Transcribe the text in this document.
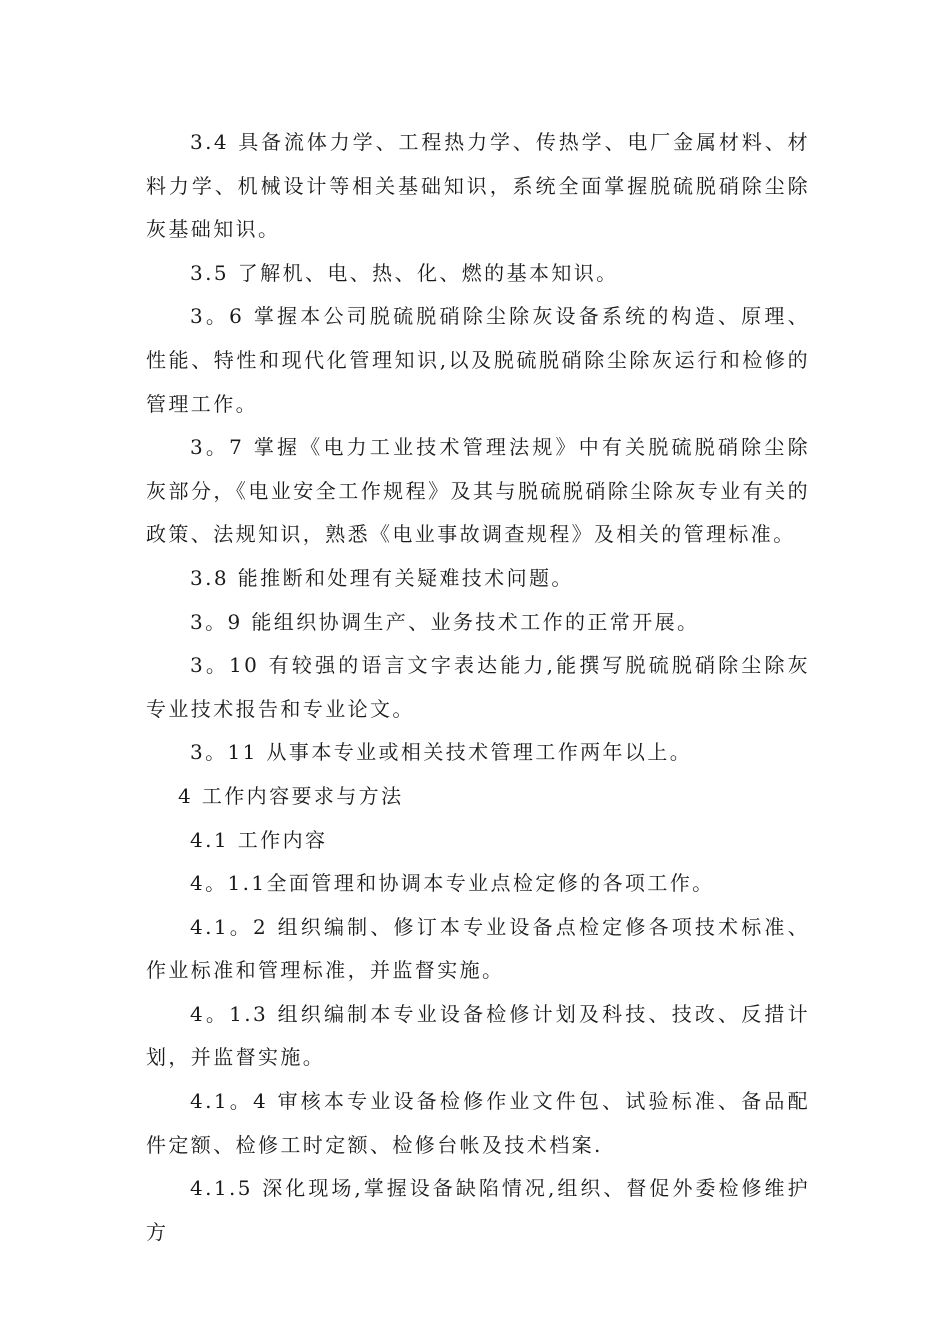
3.4 具备流体力学、工程热力学、传热学、电厂金属材料、材料力学、机械设计等相关基础知识，系统全面掌握脱硫脱硝除尘除灰基础知识。

3.5 了解机、电、热、化、燃的基本知识。

3。6 掌握本公司脱硫脱硝除尘除灰设备系统的构造、原理、性能、特性和现代化管理知识,以及脱硫脱硝除尘除灰运行和检修的管理工作。

3。7 掌握《电力工业技术管理法规》中有关脱硫脱硝除尘除灰部分，《电业安全工作规程》及其与脱硫脱硝除尘除灰专业有关的政策、法规知识，熟悉《电业事故调查规程》及相关的管理标准。

3.8 能推断和处理有关疑难技术问题。

3。9 能组织协调生产、业务技术工作的正常开展。

3。10 有较强的语言文字表达能力,能撰写脱硫脱硝除尘除灰专业技术报告和专业论文。

3。11 从事本专业或相关技术管理工作两年以上。

4 工作内容要求与方法

4.1 工作内容

4。1.1全面管理和协调本专业点检定修的各项工作。

4.1。2 组织编制、修订本专业设备点检定修各项技术标准、作业标准和管理标准，并监督实施。

4。1.3 组织编制本专业设备检修计划及科技、技改、反措计划，并监督实施。

4.1。4 审核本专业设备检修作业文件包、试验标准、备品配件定额、检修工时定额、检修台帐及技术档案.

4.1.5 深化现场,掌握设备缺陷情况,组织、督促外委检修维护方
